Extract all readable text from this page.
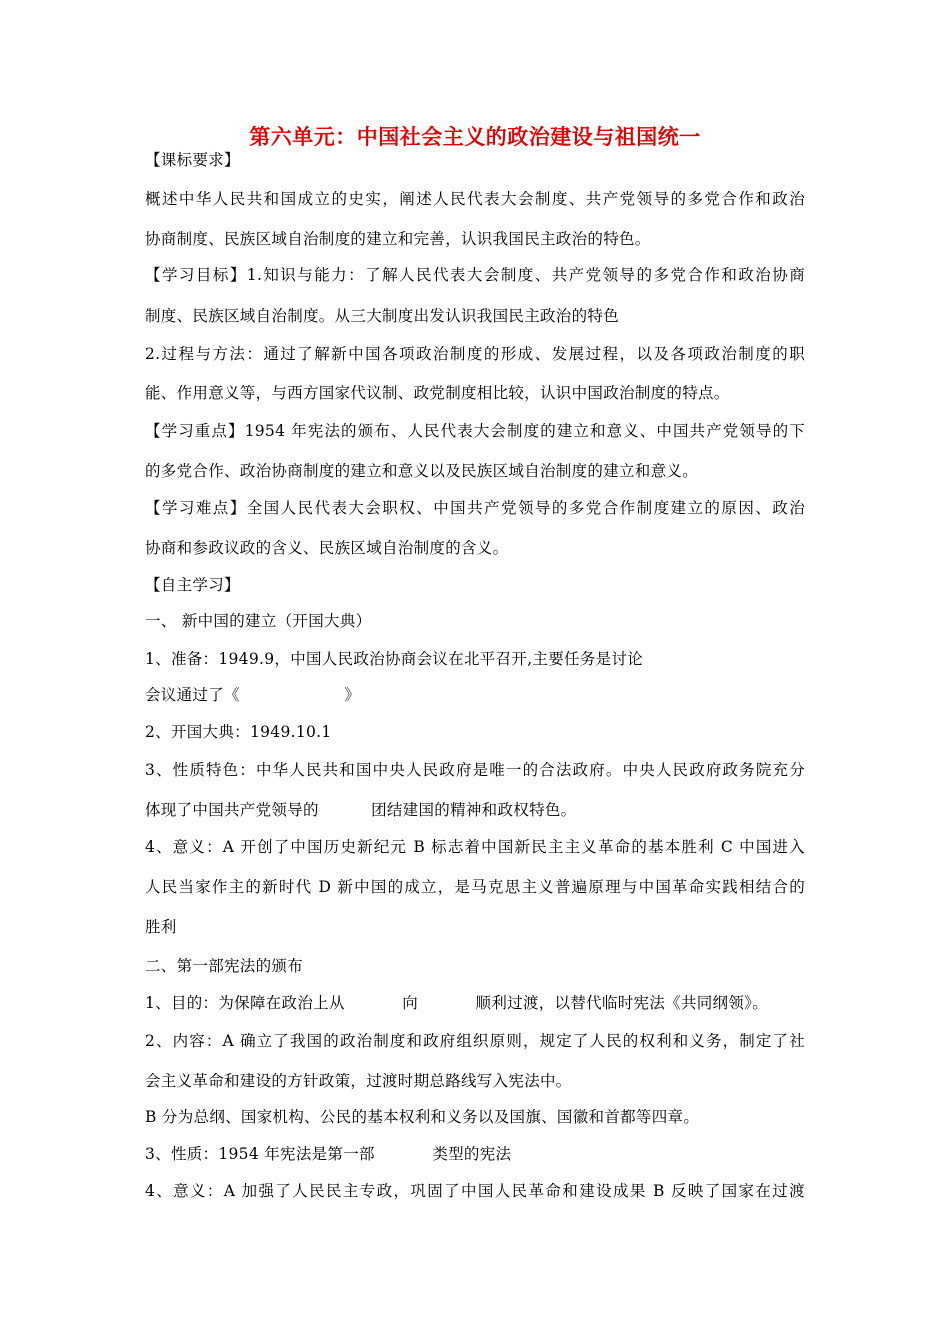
第六单元：中国社会主义的政治建设与祖国统一
【课标要求】
概述中华人民共和国成立的史实，阐述人民代表大会制度、共产党领导的多党合作和政治
协商制度、民族区域自治制度的建立和完善，认识我国民主政治的特色。
【学习目标】1.知识与能力：了解人民代表大会制度、共产党领导的多党合作和政治协商
制度、民族区域自治制度。从三大制度出发认识我国民主政治的特色
2.过程与方法：通过了解新中国各项政治制度的形成、发展过程，以及各项政治制度的职
能、作用意义等，与西方国家代议制、政党制度相比较，认识中国政治制度的特点。
【学习重点】1954 年宪法的颁布、人民代表大会制度的建立和意义、中国共产党领导的下
的多党合作、政治协商制度的建立和意义以及民族区域自治制度的建立和意义。
【学习难点】全国人民代表大会职权、中国共产党领导的多党合作制度建立的原因、政治
协商和参政议政的含义、民族区域自治制度的含义。
【自主学习】
一、 新中国的建立（开国大典）
1、准备：1949.9，中国人民政治协商会议在北平召开,主要任务是讨论
会议通过了《                    》
2、开国大典：1949.10.1
3、性质特色：中华人民共和国中央人民政府是唯一的合法政府。中央人民政府政务院充分
体现了中国共产党领导的          团结建国的精神和政权特色。
4、意义：A 开创了中国历史新纪元 B 标志着中国新民主主义革命的基本胜利 C 中国进入
人民当家作主的新时代 D 新中国的成立，是马克思主义普遍原理与中国革命实践相结合的
胜利
二、第一部宪法的颁布
1、目的：为保障在政治上从           向           顺利过渡，以替代临时宪法《共同纲领》。
2、内容：A 确立了我国的政治制度和政府组织原则，规定了人民的权利和义务，制定了社
会主义革命和建设的方针政策，过渡时期总路线写入宪法中。
B 分为总纲、国家机构、公民的基本权利和义务以及国旗、国徽和首都等四章。
3、性质：1954 年宪法是第一部           类型的宪法
4、意义：A 加强了人民民主专政，巩固了中国人民革命和建设成果 B 反映了国家在过渡
